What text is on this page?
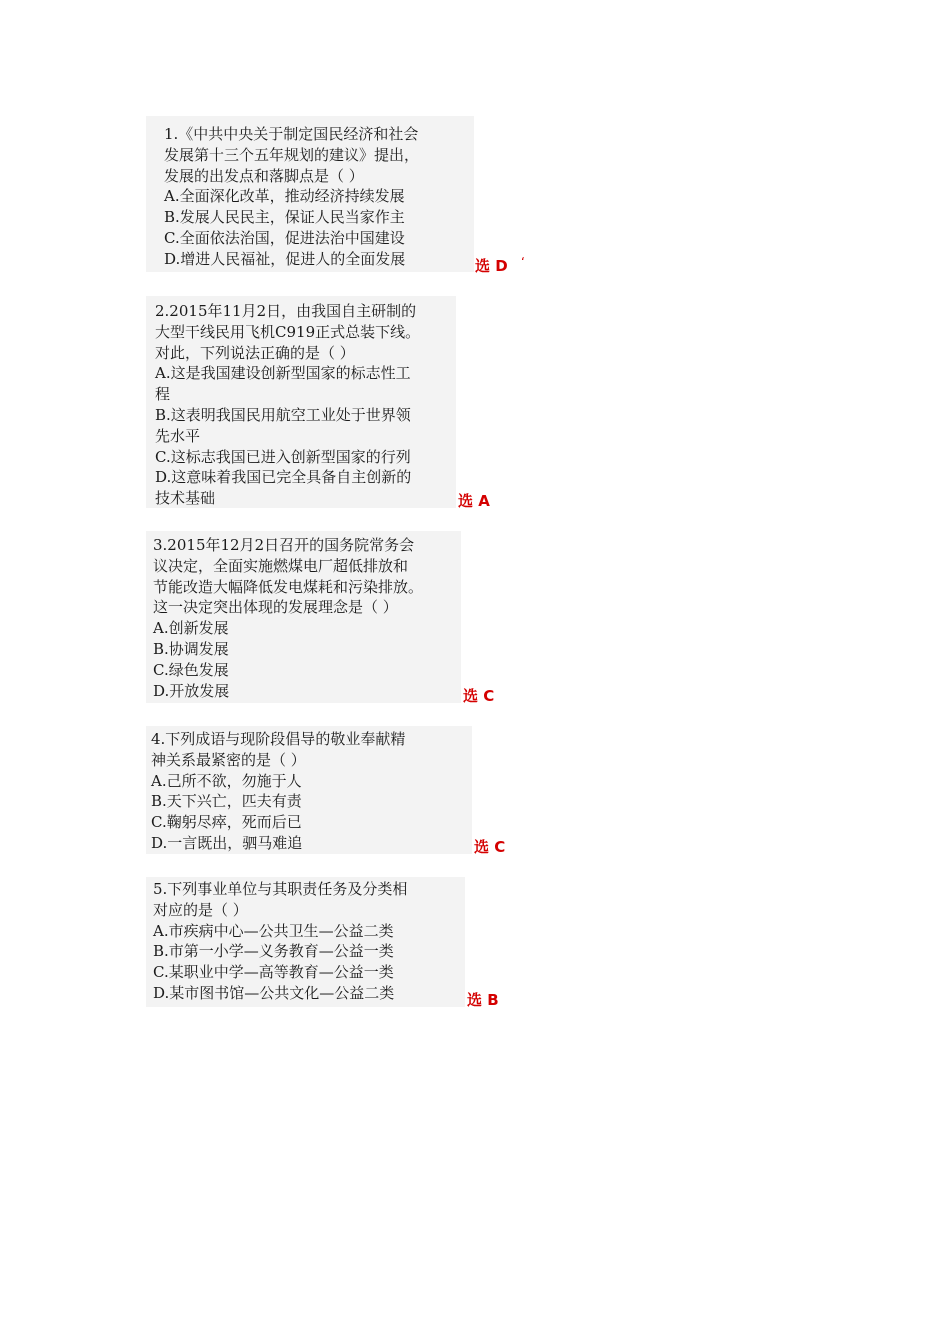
1.《中共中央关于制定国民经济和社会
发展第十三个五年规划的建议》提出，
发展的出发点和落脚点是（ ）
A.全面深化改革，推动经济持续发展
B.发展人民民主，保证人民当家作主
C.全面依法治国，促进法治中国建设
D.增进人民福祉，促进人的全面发展	选 D ‘
2.2015年11月2日，由我国自主研制的
大型干线民用飞机C919正式总装下线。
对此，下列说法正确的是（ ）
A.这是我国建设创新型国家的标志性工
程
B.这表明我国民用航空工业处于世界领
先水平
C.这标志我国已进入创新型国家的行列
D.这意味着我国已完全具备自主创新的
技术基础	选 A
3.2015年12月2日召开的国务院常务会
议决定，全面实施燃煤电厂超低排放和
节能改造大幅降低发电煤耗和污染排放。
这一决定突出体现的发展理念是（ ）
A.创新发展
B.协调发展
C.绿色发展
D.开放发展	选 C
4.下列成语与现阶段倡导的敬业奉献精
神关系最紧密的是（ ）
A.己所不欲，勿施于人
B.天下兴亡，匹夫有责
C.鞠躬尽瘁，死而后已
D.一言既出，驷马难追	选 C
5.下列事业单位与其职责任务及分类相
对应的是（ ）
A.市疾病中心—公共卫生—公益二类
B.市第一小学—义务教育—公益一类
C.某职业中学—高等教育—公益一类
D.某市图书馆—公共文化—公益二类	选 B
